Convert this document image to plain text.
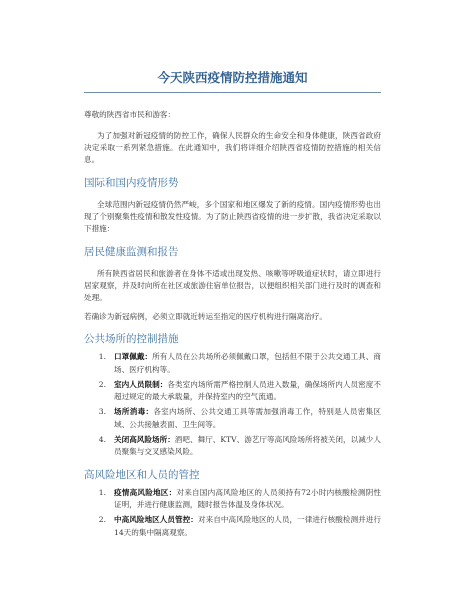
今天陕西疫情防控措施通知

尊敬的陕西省市民和游客：

为了加强对新冠疫情的防控工作，确保人民群众的生命安全和身体健康，陕西省政府决定采取一系列紧急措施。在此通知中，我们将详细介绍陕西省疫情防控措施的相关信息。

国际和国内疫情形势

全球范围内新冠疫情仍然严峻，多个国家和地区爆发了新的疫情。国内疫情形势也出现了个别聚集性疫情和散发性疫情。为了防止陕西省疫情的进一步扩散，我省决定采取以下措施：

居民健康监测和报告

所有陕西省居民和旅游者在身体不适或出现发热、咳嗽等呼吸道症状时，请立即进行居家观察，并及时向所在社区或旅游住宿单位报告，以便组织相关部门进行及时的调查和处理。

若确诊为新冠病例，必须立即就近转运至指定的医疗机构进行隔离治疗。

公共场所的控制措施
1.	口罩佩戴：所有人员在公共场所必须佩戴口罩，包括但不限于公共交通工具、商场、医疗机构等。
2.	室内人员限制：各类室内场所需严格控制人员进入数量，确保场所内人员密度不超过规定的最大承载量，并保持室内的空气流通。
3.	场所消毒：各室内场所、公共交通工具等需加强消毒工作，特别是人员密集区域、公共接触表面、卫生间等。
4.	关闭高风险场所：酒吧、舞厅、KTV、游艺厅等高风险场所将被关闭，以减少人员聚集与交叉感染风险。
高风险地区和人员的管控
1.	疫情高风险地区：对来自国内高风险地区的人员须持有72小时内核酸检测阴性证明，并进行健康监测，随时报告体温及身体状况。
2.	中高风险地区人员管控：对来自中高风险地区的人员，一律进行核酸检测并进行14天的集中隔离观察。
